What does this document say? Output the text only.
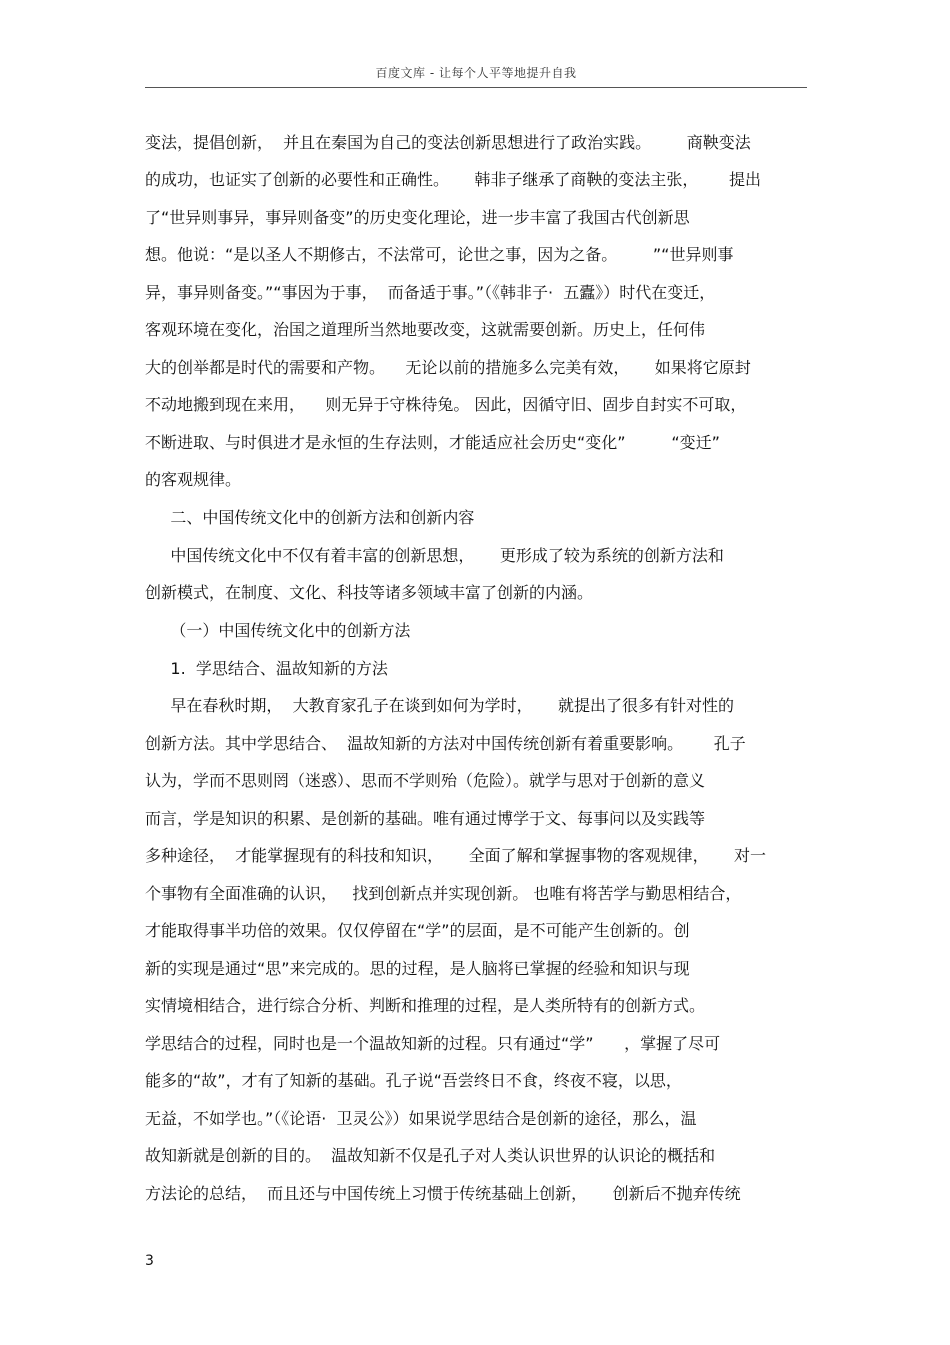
百度文库 - 让每个人平等地提升自我
变法，提倡创新，  并且在秦国为自己的变法创新思想进行了政治实践。       商鞅变法
的成功，也证实了创新的必要性和正确性。     韩非子继承了商鞅的变法主张，      提出
了“世异则事异，事异则备变”的历史变化理论，进一步丰富了我国古代创新思
想。他说：“是以圣人不期修古，不法常可，论世之事，因为之备。       ”“世异则事
异，事异则备变。”“事因为于事，  而备适于事。”（《韩非子·  五蠹》）时代在变迁，
客观环境在变化，治国之道理所当然地要改变，这就需要创新。历史上，任何伟
大的创举都是时代的需要和产物。    无论以前的措施多么完美有效，     如果将它原封
不动地搬到现在来用，    则无异于守株待兔。 因此，因循守旧、固步自封实不可取，
不断进取、与时俱进才是永恒的生存法则，才能适应社会历史“变化”         “变迁”
的客观规律。
二、中国传统文化中的创新方法和创新内容
中国传统文化中不仅有着丰富的创新思想，     更形成了较为系统的创新方法和
创新模式，在制度、文化、科技等诸多领域丰富了创新的内涵。
（一）中国传统文化中的创新方法
1.  学思结合、温故知新的方法
早在春秋时期，  大教育家孔子在谈到如何为学时，     就提出了很多有针对性的
创新方法。其中学思结合、  温故知新的方法对中国传统创新有着重要影响。      孔子
认为，学而不思则罔（迷惑）、思而不学则殆（危险）。就学与思对于创新的意义
而言，学是知识的积累、是创新的基础。唯有通过博学于文、每事问以及实践等
多种途径，  才能掌握现有的科技和知识，     全面了解和掌握事物的客观规律，     对一
个事物有全面准确的认识，   找到创新点并实现创新。 也唯有将苦学与勤思相结合，
才能取得事半功倍的效果。仅仅停留在“学”的层面，是不可能产生创新的。创
新的实现是通过“思”来完成的。思的过程，是人脑将已掌握的经验和知识与现
实情境相结合，进行综合分析、判断和推理的过程，是人类所特有的创新方式。
学思结合的过程，同时也是一个温故知新的过程。只有通过“学”      ，掌握了尽可
能多的“故”，才有了知新的基础。孔子说“吾尝终日不食，终夜不寝，以思，
无益，不如学也。”（《论语·  卫灵公》）如果说学思结合是创新的途径，那么，温
故知新就是创新的目的。  温故知新不仅是孔子对人类认识世界的认识论的概括和
方法论的总结，  而且还与中国传统上习惯于传统基础上创新，     创新后不抛弃传统
3
